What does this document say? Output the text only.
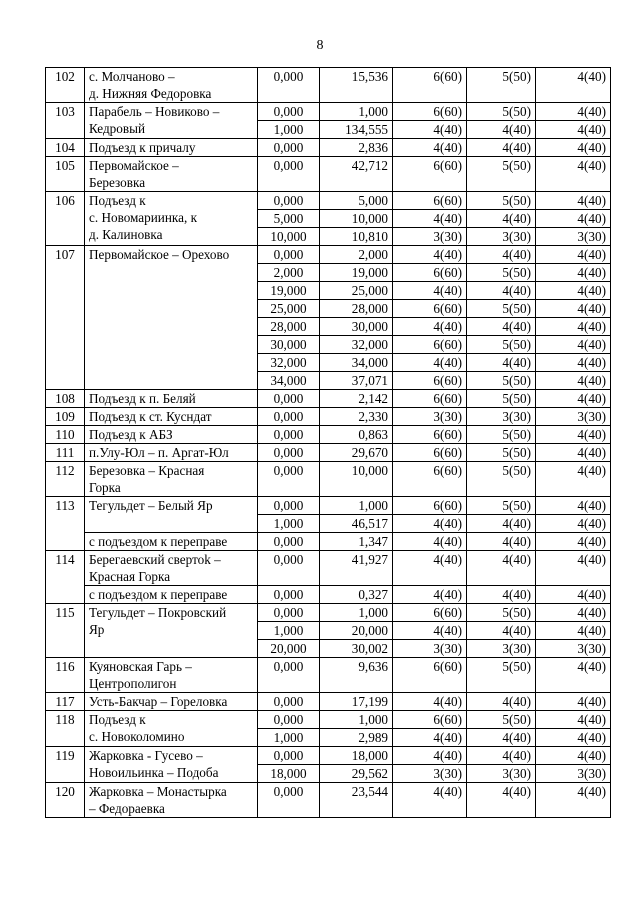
8
102	с. Молчаново –
д. Нижняя Федоровка	0,000	15,536	6(60)	5(50)	4(40)
103	Парабель – Новиково –
Кедровый	0,000	1,000	6(60)	5(50)	4(40)
		1,000	134,555	4(40)	4(40)	4(40)
104	Подъезд к причалу	0,000	2,836	4(40)	4(40)	4(40)
105	Первомайское –
Березовка	0,000	42,712	6(60)	5(50)	4(40)
106	Подъезд к
с. Новомариинка, к
д. Калиновка	0,000	5,000	6(60)	5(50)	4(40)
		5,000	10,000	4(40)	4(40)	4(40)
		10,000	10,810	3(30)	3(30)	3(30)
107	Первомайское – Орехово	0,000	2,000	4(40)	4(40)	4(40)
		2,000	19,000	6(60)	5(50)	4(40)
		19,000	25,000	4(40)	4(40)	4(40)
		25,000	28,000	6(60)	5(50)	4(40)
		28,000	30,000	4(40)	4(40)	4(40)
		30,000	32,000	6(60)	5(50)	4(40)
		32,000	34,000	4(40)	4(40)	4(40)
		34,000	37,071	6(60)	5(50)	4(40)
108	Подъезд к п. Беляй	0,000	2,142	6(60)	5(50)	4(40)
109	Подъезд к ст. Кусндат	0,000	2,330	3(30)	3(30)	3(30)
110	Подъезд к АБЗ	0,000	0,863	6(60)	5(50)	4(40)
111	п.Улу-Юл – п. Аргат-Юл	0,000	29,670	6(60)	5(50)	4(40)
112	Березовка – Красная
Горка	0,000	10,000	6(60)	5(50)	4(40)
113	Тегульдет – Белый Яр	0,000	1,000	6(60)	5(50)	4(40)
		1,000	46,517	4(40)	4(40)	4(40)
	с подъездом к переправе	0,000	1,347	4(40)	4(40)	4(40)
114	Берегаевский свертоk –
Красная Горка	0,000	41,927	4(40)	4(40)	4(40)
	с подъездом к переправе	0,000	0,327	4(40)	4(40)	4(40)
115	Тегульдет – Покровский
Яр	0,000	1,000	6(60)	5(50)	4(40)
		1,000	20,000	4(40)	4(40)	4(40)
		20,000	30,002	3(30)	3(30)	3(30)
116	Куяновская Гарь –
Центрополигон	0,000	9,636	6(60)	5(50)	4(40)
117	Усть-Бакчар – Гореловка	0,000	17,199	4(40)	4(40)	4(40)
118	Подъезд к
с. Новоколомино	0,000	1,000	6(60)	5(50)	4(40)
		1,000	2,989	4(40)	4(40)	4(40)
119	Жарковка - Гусево –
Новоильинка – Подоба	0,000	18,000	4(40)	4(40)	4(40)
		18,000	29,562	3(30)	3(30)	3(30)
120	Жарковка – Монастырка
– Федораевка	0,000	23,544	4(40)	4(40)	4(40)
